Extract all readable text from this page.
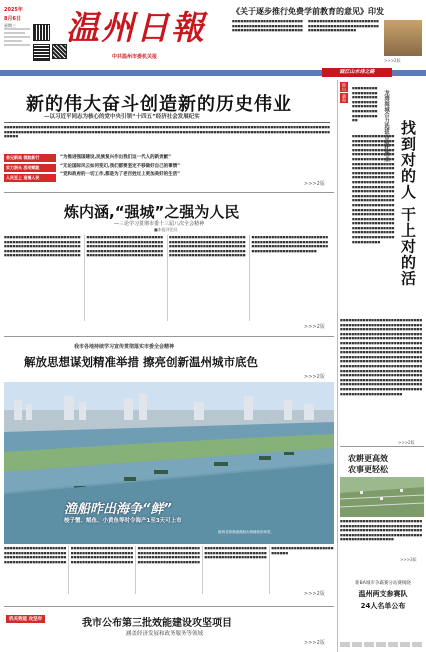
2025年
8月6日
星期三	温州日報
中共温州市委机关报
《关于逐步推行免费学前教育的意见》印发
■■■■■■■■■■■■■■■■■■■■■■■■■■■■■■■■■■■■■■■■■■■■■■■■■■■■■■■■■■■■■■■■■■■■■■■■■■■■■■■■■■■■■■■■■■■■■■■■■■■■■■■■■■■■■■■■■■■■■■■■■■■■■■■■■■■■■■■■■■■■■■
>>>2版
瓯江山水诗之路
新的伟大奋斗创造新的历史伟业
—以习近平同志为核心的党中央引领“十四五”经济社会发展纪实
■■■■■■■■■■■■■■■■■■■■■■■■■■■■■■■■■■■■■■■■■■■■■■■■■■■■■■■■■■■■■■■■■■■■■■■■■■■■■■■■■■■■■■■■■■■■■■■■■■■■■■■■■■■■■■■■■■■■■■■■■■■■■■■■■■■■■■■■■■■■■■■■■■■■■■■■■■■■■■■■■■■■■■■■■■■■■■■■■■■■■■■■■■■■■■■■■■■■■■■■■■■■■■■■■■■■■■■■■■■■■■■■■■■■■■■■■■■
弟兄新局 领航新行
实力浙头 活动赋能
人民至上 造福人民
“为推进强国建设,民族复兴作出我们这一代人的新贡献”
“无论国际风云如何变幻,我们都要坚定不移做好自己的事情”
“党和政府的一切工作,都是为了老百姓过上更加美好的生活”
>>>2版
炼内涵,“强城”之强为人民
—三论学习贯彻市委十三届八次全会精神
■本报评论员
■■■■■■■■■■■■■■■■■■■■■■■■■■■■■■■■■■■■■■■■■■■■■■■■■■■■■■■■■■■■■■■■■■■■■■■■■■■■■■■■■■■■■■■■■■■■■■■■■■■■■■■■■■■■■■■■■■■■■■■■■■■■■■■■■■■■■■■■■■■■■■■■■■■■■■■■■■■■■■■■■■■■■■■■■■■■■■■■■■■■■■■■■■■■■■■■■■■■■■■■■■■■■■■■■■■■■■■■■■■■■■■■■■■■■■■■■■■■■■■■■■■■■■■■■■■■■■■■■■■■■■■■■■■■■■■■■■■■■■■■■■■■■■■■■■■■■■■■■■■■■■■■■■■■■■■■■■■■■■■■■■■■■■■■■■■■■■■■■■■■■■■■■■■■■■■■■■■■■■■■■■■■■■■■■■■■■■■■■■■■■■■■■■■■■■■■■■■■■■■■■■■■■■■■■■■■■■■■■■■■■■■■■■■■■■■■■■■■■■■■■■■■■■■■■■■■■■■■■■■■■■■■■■■■■■■■■■■■■■■■■■■■■■■■■■■■■■■■■■■■■■■■■■■■■
>>>2版
我市各地持续学习宣传贯彻落实市委全会精神
解放思想谋划精准举措 擦亮创新温州城市底色
>>>2版
渔船昨出海争“鲜”
梭子蟹、鲳鱼、小黄鱼等时令海产1至3天可上市
瓯海龙湾渔港渔船出海捕鱼的场景。
■■■■■■■■■■■■■■■■■■■■■■■■■■■■■■■■■■■■■■■■■■■■■■■■■■■■■■■■■■■■■■■■■■■■■■■■■■■■■■■■■■■■■■■■■■■■■■■■■■■■■■■■■■■■■■■■■■■■■■■■■■■■■■■■■■■■■■■■■■■■■■■■■■■■■■■■■■■■■■■■■■■■■■■■■■■■■■■■■■■■■■■■■■■■■■■■■■■■■■■■■■■■■■■■■■■■■■■■■■■■■■■■■■■■■■■■■■■■■■■■■■■■■■■■■■■■■■■■■■■■■■■■■■■■■■■■■■■■■■■■■■■■■■■■■■■■■■■■■■■■■■■■■■■■■■■■■■■■■■■■■■■■■■■■■■■■■■■■■■■■■■■■■■■■■■■■■■■■■■
>>>2版
机关效能 攻坚年	我市公布第三批效能建设攻坚项目
涵盖经济发展和政务服务等领域
>>>2版
跨山
越海
■■■■■■■■■■■■■■■■■■■■■■■■■■■■■■■■■■■■■■■■■■■■■■■■■■■■■■■■■■■■■■■■■	龙湾海城合力选拔市级优质点 找到对的人 干上对的活
■■■■■■■■■■■■■■■■■■■■■■■■■■■■■■■■■■■■■■■■■■■■■■■■■■■■■■■■■■■■■■■■■■■■■■■■■■■■■■■■■■■■■■■■■■■■■■■■■■■■■■■■■■■■■■■■■■■■■■■■■■■■■■■■■■■■■■■■■■■■■■■■■■■■■■■■■■■■■■■■■■■■■■■■■■■■■■■■■■■■■■■■■■■■■■■■■■■■■■■■■■■■■■■■■■■■■■■■■■■■■■■■■■■■■■■■■■■■■■■■■■■■■■■■■■■■■■■■■■■■■■■■■■■■■■■■■■■■■■■■■■■■■■■■■■■■■■■■■■■■■■■■■■■■■■■■■■■■■■■■■■■■■■■■■■■■■■■■■■■■■■■■■■■■■■■■■■■
■■■■■■■■■■■■■■■■■■■■■■■■■■■■■■■■■■■■■■■■■■■■■■■■■■■■■■■■■■■■■■■■■■■■■■■■■■■■■■■■■■■■■■■■■■■■■■■■■■■■■■■■■■■■■■■■■■■■■■■■■■■■■■■■■■■■■■■■■■■■■■■■■■■■■■■■■■■■■■■■■■■■■■■■■■■■■■■■■■■■■■■■■■■■■■■■■■■■■■■■■■■■■■■■■■■■■■■■■■■■■■■■■■■■■■■■■■■■■■■■■■■■■■■■■■■■■■■■■■■■■■■■■■■■■■■■■■■■■■■■■■■■■■■■■■■■■■■■■■■■■■■■■■■■■■■■■■■■■■■■■■■■■■■■■■■■■■■■■■■■■■■■■■■■■■■■■■■■■■■■■■■■■■■■■■■■■■■■■■■■■■■■■■■■■■■■■■■■■■■■■■■■■■■■■■■■■■■■■■■■■■■■■■■■■■■■■■■■■■■■■■■■■■■■■■■■■■■■■■■■■■■■■■■■■■■■■■■■■■■■■■■■■■
>>>2版
农耕更高效
农事更轻松
■■■■■■■■■■■■■■■■■■■■■■■■■■■■■■■■■■■■■■■■■■■■■■■■■■■■■■■■■■■■■■■■■■■■■■■■■■■■■■■■■■■■■■■■■■■■■■■■■■■■■■■■■■■■■■■■■■■■■■■■■■■■■■■■■■■■■■■
>>>3版
新BA城市争霸赛分站赛揭晓
温州两支参赛队
24人名单公布
